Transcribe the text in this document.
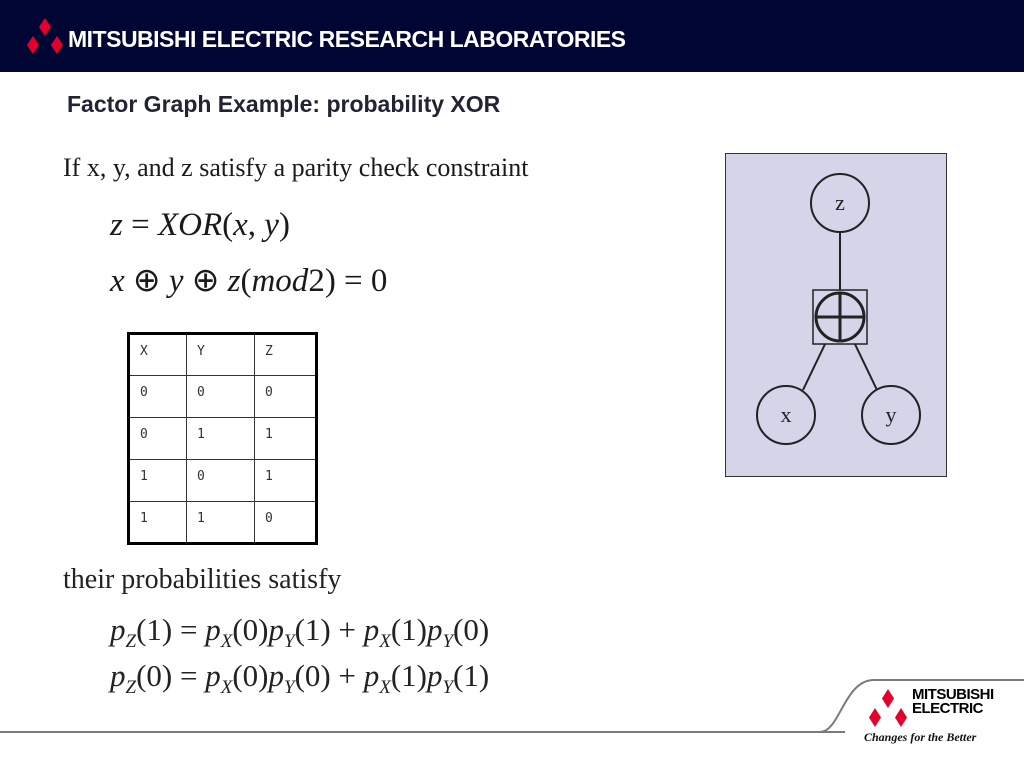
MITSUBISHI ELECTRIC RESEARCH LABORATORIES
Factor Graph Example: probability XOR
If x, y, and z satisfy a parity check constraint
z = XOR(x, y)
x ⊕ y ⊕ z(mod2) = 0
X	Y	Z
0	0	0
0	1	1
1	0	1
1	1	0
their probabilities satisfy
$p_Z(1) = p_X(0)p_Y(1) + p_X(1)p_Y(0)$
$p_Z(0) = p_X(0)p_Y(0) + p_X(1)p_Y(1)$
z
x	y
MITSUBISHI
ELECTRIC
Changes for the Better
